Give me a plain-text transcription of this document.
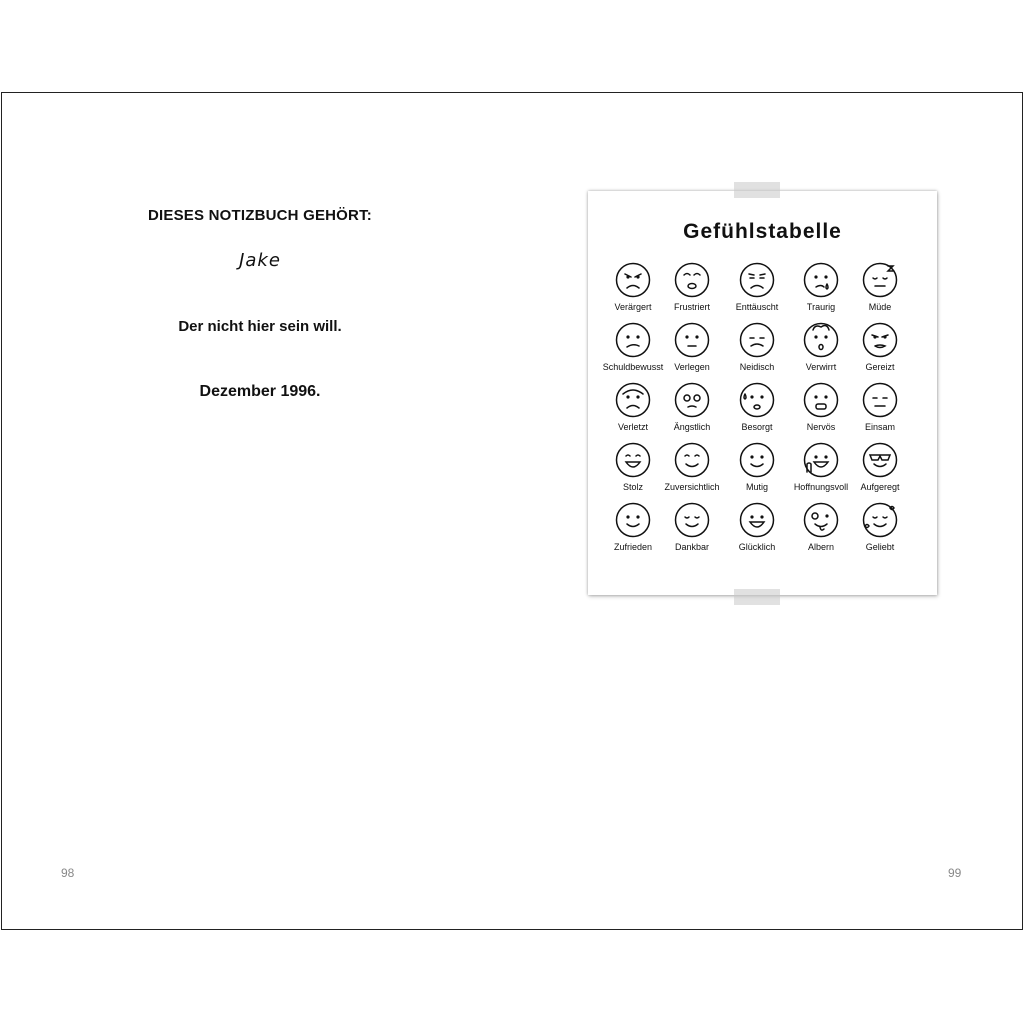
DIESES NOTIZBUCH GEHÖRT:
Jake
Der nicht hier sein will.
Dezember 1996.
98	99
Gefühlstabelle
Verärgert	Frustriert	Enttäuscht	Traurig	Müde
Schuldbewusst	Verlegen	Neidisch	Verwirrt	Gereizt
Verletzt	Ängstlich	Besorgt	Nervös	Einsam
Stolz	Zuversichtlich	Mutig	Hoffnungsvoll	Aufgeregt
Zufrieden	Dankbar	Glücklich	Albern	Geliebt
